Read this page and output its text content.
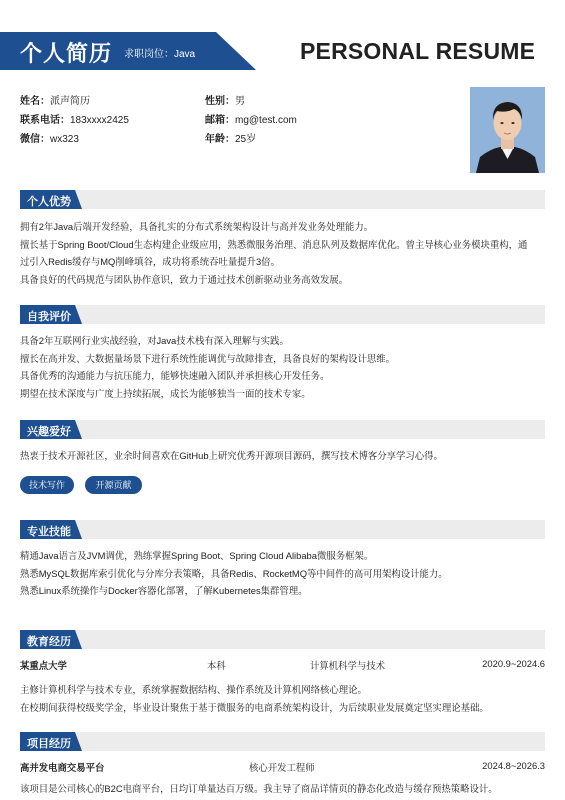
个人简历 求职岗位：Java	PERSONAL RESUME
姓名：派声简历	性别：男
联系电话：183xxxx2425	邮箱：mg@test.com
微信：wx323	年龄：25岁
个人优势
拥有2年Java后端开发经验，具备扎实的分布式系统架构设计与高并发业务处理能力。
擅长基于Spring Boot/Cloud生态构建企业级应用，熟悉微服务治理、消息队列及数据库优化。曾主导核心业务模块重构，通
过引入Redis缓存与MQ削峰填谷，成功将系统吞吐量提升3倍。
具备良好的代码规范与团队协作意识，致力于通过技术创新驱动业务高效发展。
自我评价
具备2年互联网行业实战经验，对Java技术栈有深入理解与实践。
擅长在高并发、大数据量场景下进行系统性能调优与故障排查，具备良好的架构设计思维。
具备优秀的沟通能力与抗压能力，能够快速融入团队并承担核心开发任务。
期望在技术深度与广度上持续拓展，成长为能够独当一面的技术专家。
兴趣爱好
热衷于技术开源社区，业余时间喜欢在GitHub上研究优秀开源项目源码，撰写技术博客分享学习心得。
技术写作	开源贡献
专业技能
精通Java语言及JVM调优，熟练掌握Spring Boot、Spring Cloud Alibaba微服务框架。
熟悉MySQL数据库索引优化与分库分表策略，具备Redis、RocketMQ等中间件的高可用架构设计能力。
熟悉Linux系统操作与Docker容器化部署，了解Kubernetes集群管理。
教育经历
某重点大学	本科	计算机科学与技术	2020.9~2024.6
主修计算机科学与技术专业，系统掌握数据结构、操作系统及计算机网络核心理论。
在校期间获得校级奖学金，毕业设计聚焦于基于微服务的电商系统架构设计，为后续职业发展奠定坚实理论基础。
项目经历
高并发电商交易平台	核心开发工程师	2024.8~2026.3
该项目是公司核心的B2C电商平台，日均订单量达百万级。我主导了商品详情页的静态化改造与缓存预热策略设计。
